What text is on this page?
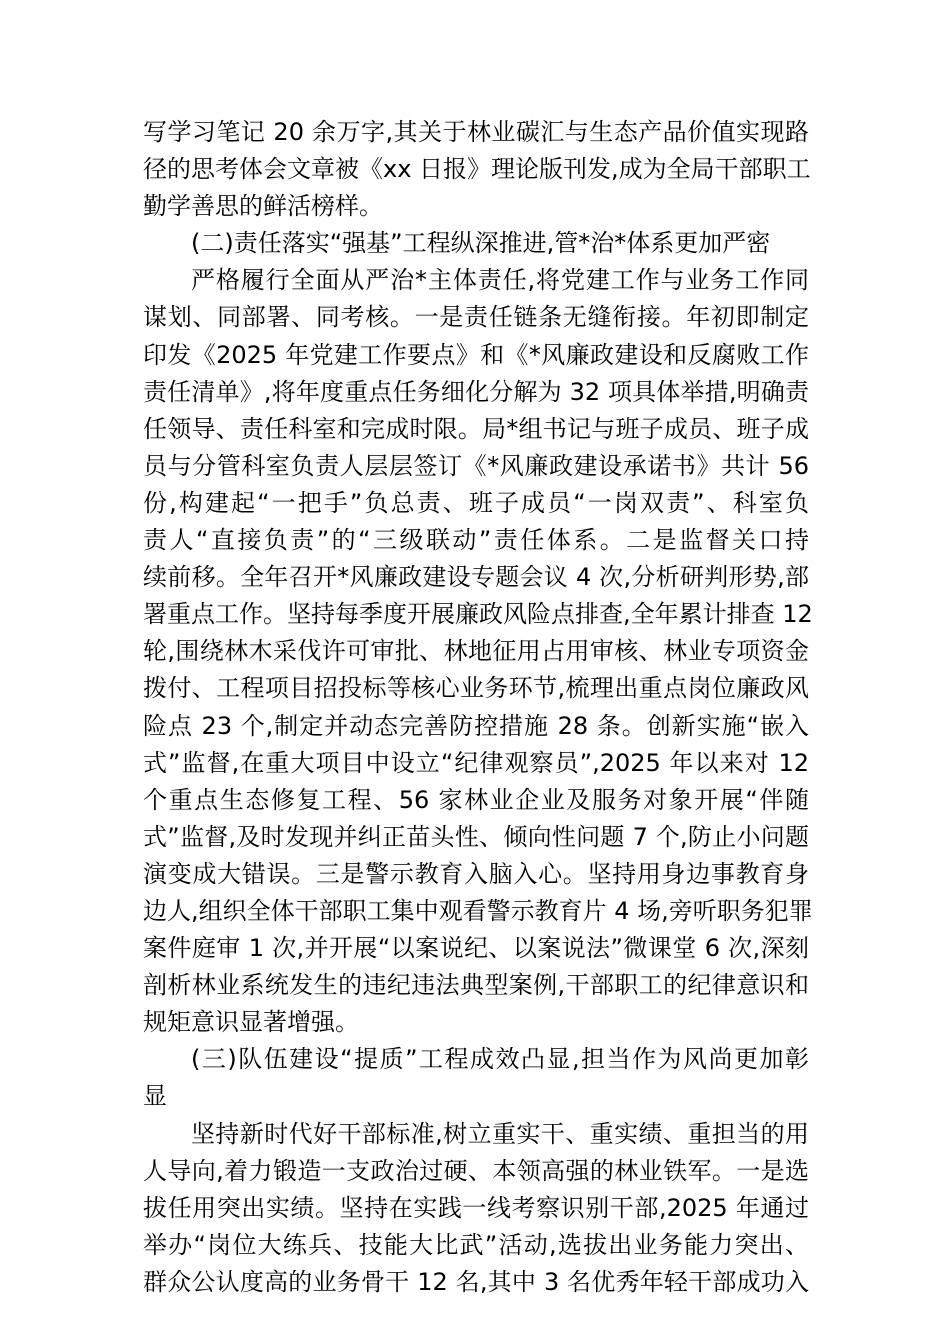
写学习笔记 20 余万字,其关于林业碳汇与生态产品价值实现路
径的思考体会文章被《xx 日报》理论版刊发,成为全局干部职工
勤学善思的鲜活榜样。
(二)责任落实“强基”工程纵深推进,管*治*体系更加严密
严格履行全面从严治*主体责任,将党建工作与业务工作同
谋划、同部署、同考核。一是责任链条无缝衔接。年初即制定
印发《2025 年党建工作要点》和《*风廉政建设和反腐败工作
责任清单》,将年度重点任务细化分解为 32 项具体举措,明确责
任领导、责任科室和完成时限。局*组书记与班子成员、班子成
员与分管科室负责人层层签订《*风廉政建设承诺书》共计 56
份,构建起“一把手”负总责、班子成员“一岗双责”、科室负
责人“直接负责”的“三级联动”责任体系。二是监督关口持
续前移。全年召开*风廉政建设专题会议 4 次,分析研判形势,部
署重点工作。坚持每季度开展廉政风险点排查,全年累计排查 12
轮,围绕林木采伐许可审批、林地征用占用审核、林业专项资金
拨付、工程项目招投标等核心业务环节,梳理出重点岗位廉政风
险点 23 个,制定并动态完善防控措施 28 条。创新实施“嵌入
式”监督,在重大项目中设立“纪律观察员”,2025 年以来对 12
个重点生态修复工程、56 家林业企业及服务对象开展“伴随
式”监督,及时发现并纠正苗头性、倾向性问题 7 个,防止小问题
演变成大错误。三是警示教育入脑入心。坚持用身边事教育身
边人,组织全体干部职工集中观看警示教育片 4 场,旁听职务犯罪
案件庭审 1 次,并开展“以案说纪、以案说法”微课堂 6 次,深刻
剖析林业系统发生的违纪违法典型案例,干部职工的纪律意识和
规矩意识显著增强。
(三)队伍建设“提质”工程成效凸显,担当作为风尚更加彰
显
坚持新时代好干部标准,树立重实干、重实绩、重担当的用
人导向,着力锻造一支政治过硬、本领高强的林业铁军。一是选
拔任用突出实绩。坚持在实践一线考察识别干部,2025 年通过
举办“岗位大练兵、技能大比武”活动,选拔出业务能力突出、
群众公认度高的业务骨干 12 名,其中 3 名优秀年轻干部成功入
